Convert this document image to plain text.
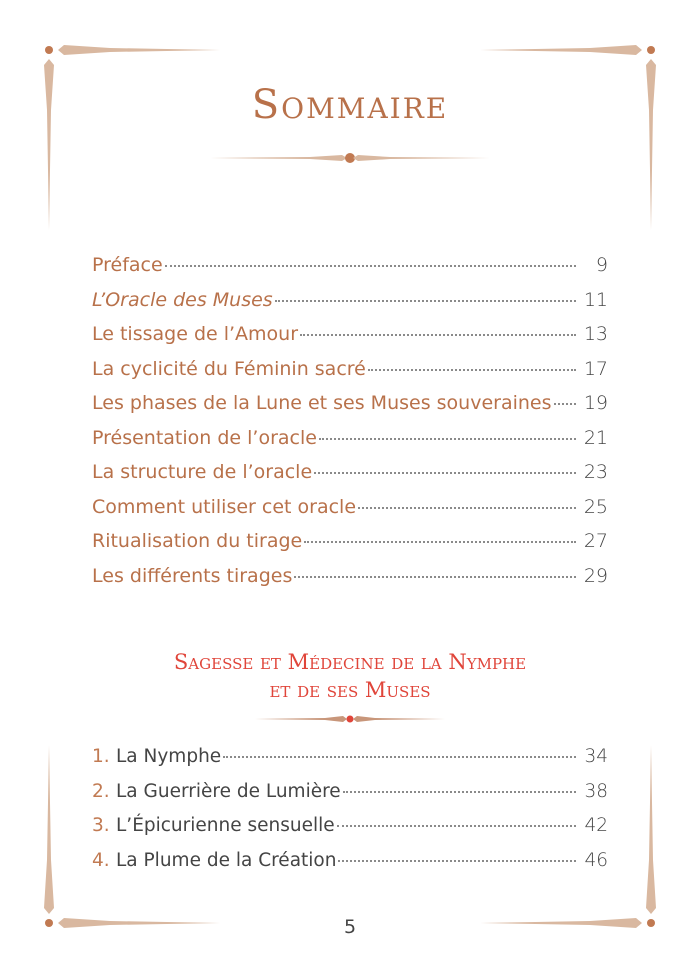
Sommaire
Préface	9
L’Oracle des Muses	11
Le tissage de l’Amour	13
La cyclicité du Féminin sacré	17
Les phases de la Lune et ses Muses souveraines 19
Présentation de l’oracle	21
La structure de l’oracle	23
Comment utiliser cet oracle	25
Ritualisation du tirage	27
Les différents tirages	29
Sagesse et Médecine de la Nymphe
et de ses Muses
1. La Nymphe	34
2. La Guerrière de Lumière	38
3. L’Épicurienne sensuelle	42
4. La Plume de la Création	46
5
